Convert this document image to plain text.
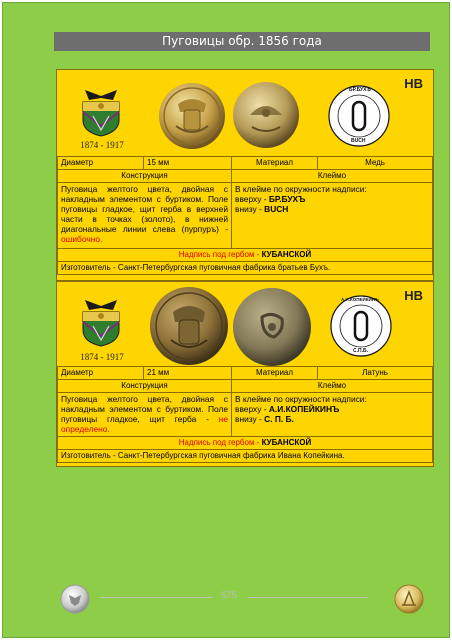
Пуговицы обр. 1856 года
1874 - 1917
БР.БУХЪ
BUCH
НВ
Диаметр	15 мм	Материал	Медь
Конструкция		Клеймо	
Пуговица желтого цвета, двойная с накладным элементом с буртиком. Поле пуговицы гладкое, щит герба в верхней части в точках (золото), в нижней диагональные линии слева (пурпуръ) - ошибочно.		В клейме по окружности надписи:
вверху - БР.БУХЪ
внизу - BUCH	

Надпись под гербом - КУБАНСКОЙ			
Изготовитель - Санкт-Петербургская пуговичная фабрика братьев Бухъ.			
1874 - 1917
А.И.КОПЕЙКИНЪ
С.П.Б.
НВ
Диаметр	21 мм	Материал	Латунь
Конструкция		Клеймо	
Пуговица желтого цвета, двойная с накладным элементом с буртиком. Поле пуговицы гладкое, щит герба - не определено.		В клейме по окружности надписи:
вверху - А.И.КОПЕЙКИНЪ
внизу - С. П. Б.	

Надпись под гербом - КУБАНСКОЙ			
Изготовитель - Санкт-Петербургская пуговичная фабрика Ивана Копейкина.			
575
